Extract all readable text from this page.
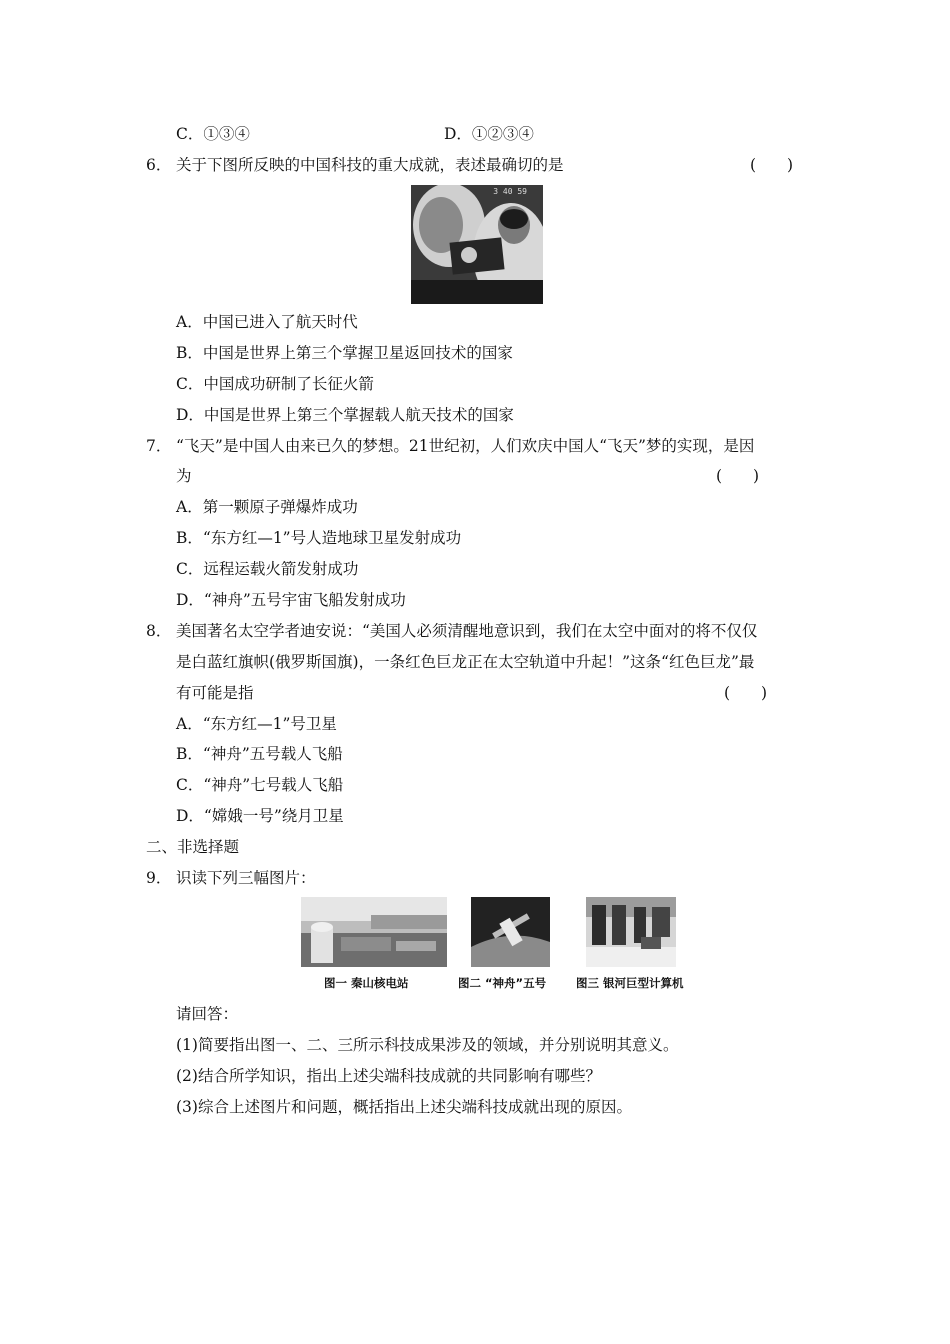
C．①③④	D．①②③④
6． 关于下图所反映的中国科技的重大成就，表述最确切的是	(　　)
3 40 59
A．中国已进入了航天时代
B．中国是世界上第三个掌握卫星返回技术的国家
C．中国成功研制了长征火箭
D．中国是世界上第三个掌握载人航天技术的国家
7． “飞天”是中国人由来已久的梦想。21世纪初，人们欢庆中国人“飞天”梦的实现，是因
为	(　　)
A．第一颗原子弹爆炸成功
B．“东方红—1”号人造地球卫星发射成功
C．远程运载火箭发射成功
D．“神舟”五号宇宙飞船发射成功
8． 美国著名太空学者迪安说：“美国人必须清醒地意识到，我们在太空中面对的将不仅仅
是白蓝红旗帜(俄罗斯国旗)，一条红色巨龙正在太空轨道中升起！”这条“红色巨龙”最
有可能是指	(　　)
A．“东方红—1”号卫星
B．“神舟”五号载人飞船
C．“神舟”七号载人飞船
D．“嫦娥一号”绕月卫星
二、非选择题
9． 识读下列三幅图片：
图一 秦山核电站	图二 “神舟”五号	图三 银河巨型计算机
请回答：
(1)简要指出图一、二、三所示科技成果涉及的领域，并分别说明其意义。
(2)结合所学知识，指出上述尖端科技成就的共同影响有哪些？
(3)综合上述图片和问题，概括指出上述尖端科技成就出现的原因。
